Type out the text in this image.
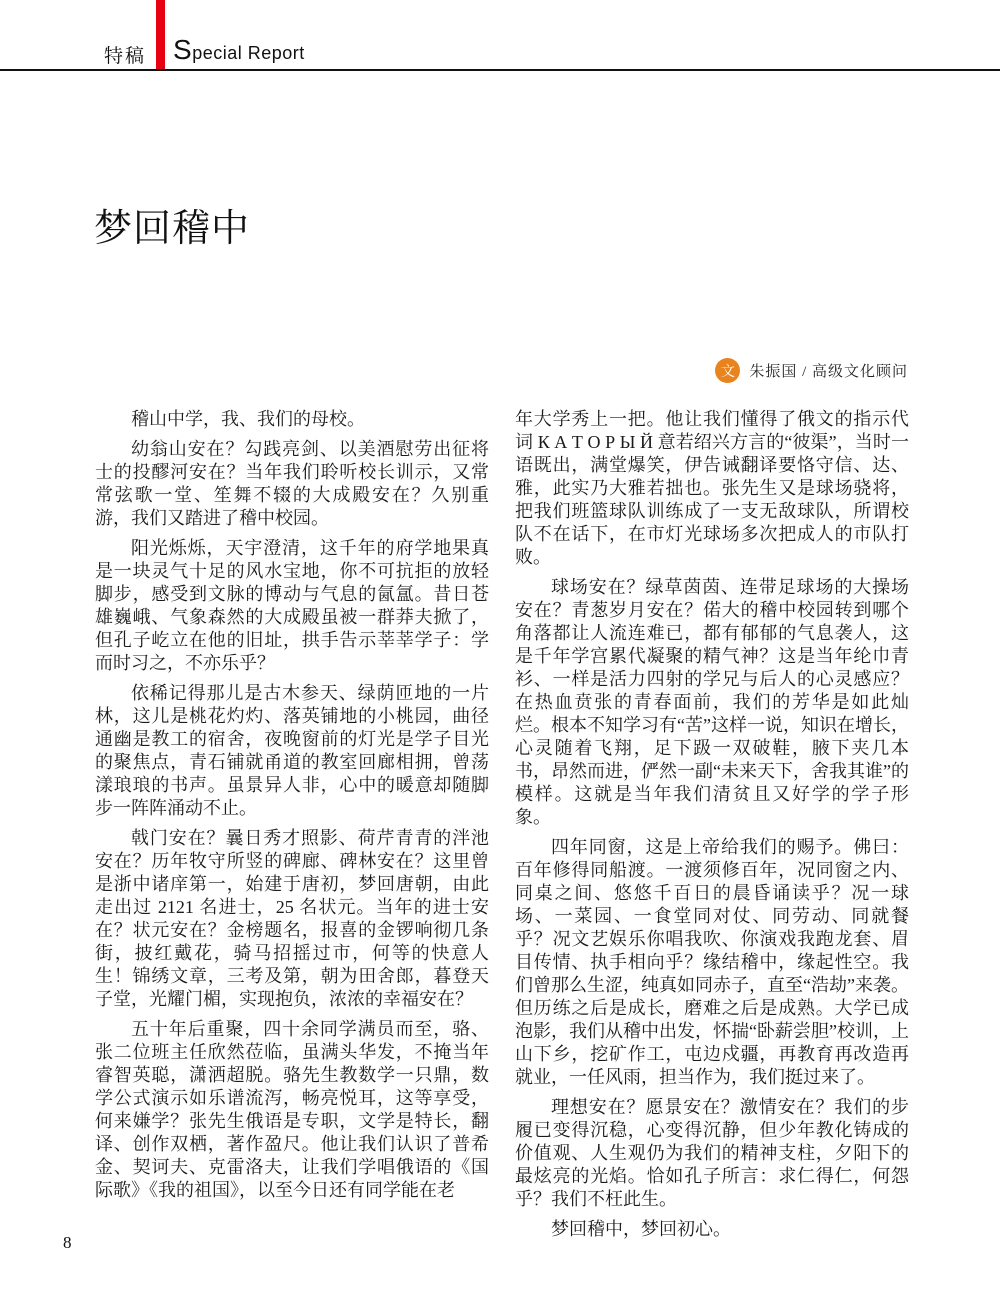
特稿 Special Report
梦回稽中
文 朱振国 / 高级文化顾问

稽山中学，我、我们的母校。

幼翁山安在？勾践亮剑、以美酒慰劳出征将士的投醪河安在？当年我们聆听校长训示，又常常弦歌一堂、笙舞不辍的大成殿安在？久别重游，我们又踏进了稽中校园。

阳光烁烁，天宇澄清，这千年的府学地果真是一块灵气十足的风水宝地，你不可抗拒的放轻脚步，感受到文脉的博动与气息的氤氲。昔日苍雄巍峨、气象森然的大成殿虽被一群莽夫掀了，但孔子屹立在他的旧址，拱手告示莘莘学子：学而时习之，不亦乐乎？

依稀记得那儿是古木参天、绿荫匝地的一片林，这儿是桃花灼灼、落英铺地的小桃园，曲径通幽是教工的宿舍，夜晚窗前的灯光是学子目光的聚焦点，青石铺就甬道的教室回廊相拥，曾荡漾琅琅的书声。虽景异人非，心中的暖意却随脚步一阵阵涌动不止。

戟门安在？曩日秀才照影、荷芹青青的泮池安在？历年牧守所竖的碑廊、碑林安在？这里曾是浙中诸庠第一，始建于唐初，梦回唐朝，由此走出过 2121 名进士，25 名状元。当年的进士安在？状元安在？金榜题名，报喜的金锣响彻几条街，披红戴花，骑马招摇过市，何等的快意人生！锦绣文章，三考及第，朝为田舍郎，暮登天子堂，光耀门楣，实现抱负，浓浓的幸福安在？

五十年后重聚，四十余同学满员而至，骆、张二位班主任欣然莅临，虽满头华发，不掩当年睿智英聪，潇洒超脱。骆先生教数学一只鼎，数学公式演示如乐谱流泻，畅亮悦耳，这等享受，何来嫌学？张先生俄语是专职，文学是特长，翻译、创作双栖，著作盈尺。他让我们认识了普希金、契诃夫、克雷洛夫，让我们学唱俄语的《国际歌》《我的祖国》，以至今日还有同学能在老

年大学秀上一把。他让我们懂得了俄文的指示代词 К А Т О Р Ы Й 意若绍兴方言的“彼渠”，当时一语既出，满堂爆笑，伊告诫翻译要恪守信、达、雅，此实乃大雅若拙也。张先生又是球场骁将，把我们班篮球队训练成了一支无敌球队，所谓校队不在话下，在市灯光球场多次把成人的市队打败。

球场安在？绿草茵茵、连带足球场的大操场安在？青葱岁月安在？偌大的稽中校园转到哪个角落都让人流连难已，都有郁郁的气息袭人，这是千年学宫累代凝聚的精气神？这是当年纶巾青衫、一样是活力四射的学兄与后人的心灵感应？在热血贲张的青春面前，我们的芳华是如此灿烂。根本不知学习有“苦”这样一说，知识在增长，心灵随着飞翔，足下趿一双破鞋，腋下夹几本书，昂然而进，俨然一副“未来天下，舍我其谁”的模样。这就是当年我们清贫且又好学的学子形象。

四年同窗，这是上帝给我们的赐予。佛曰：百年修得同船渡。一渡须修百年，况同窗之内、同桌之间、悠悠千百日的晨昏诵读乎？况一球场、一菜园、一食堂同对仗、同劳动、同就餐乎？况文艺娱乐你唱我吹、你演戏我跑龙套、眉目传情、执手相向乎？缘结稽中，缘起性空。我们曾那么生涩，纯真如同赤子，直至“浩劫”来袭。但历练之后是成长，磨难之后是成熟。大学已成泡影，我们从稽中出发，怀揣“卧薪尝胆”校训，上山下乡，挖矿作工，屯边戍疆，再教育再改造再就业，一任风雨，担当作为，我们挺过来了。

理想安在？愿景安在？激情安在？我们的步履已变得沉稳，心变得沉静，但少年教化铸成的价值观、人生观仍为我们的精神支柱，夕阳下的最炫亮的光焰。恰如孔子所言：求仁得仁，何怨乎？我们不枉此生。

梦回稽中，梦回初心。

8
